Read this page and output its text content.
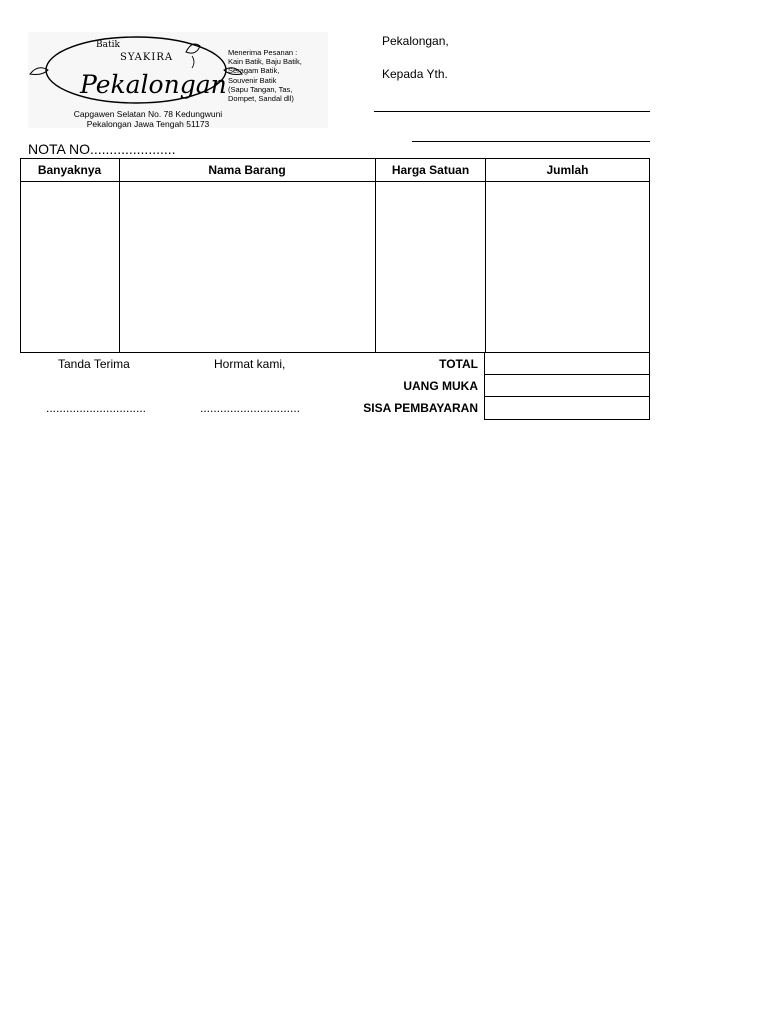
Batik
SYAKIRA
Pekalongan
Capgawen Selatan No. 78 Kedungwuni
Pekalongan Jawa Tengah 51173
Menerima Pesanan :
Kain Batik, Baju Batik,
Seragam Batik,
Souvenir Batik
(Sapu Tangan, Tas,
Dompet, Sandal dll)
Pekalongan,
Kepada Yth.
NOTA NO......................
Banyaknya	Nama Barang	Harga Satuan	Jumlah
Tanda Terima	Hormat kami,
..............................	..............................
TOTAL
UANG MUKA
SISA PEMBAYARAN
